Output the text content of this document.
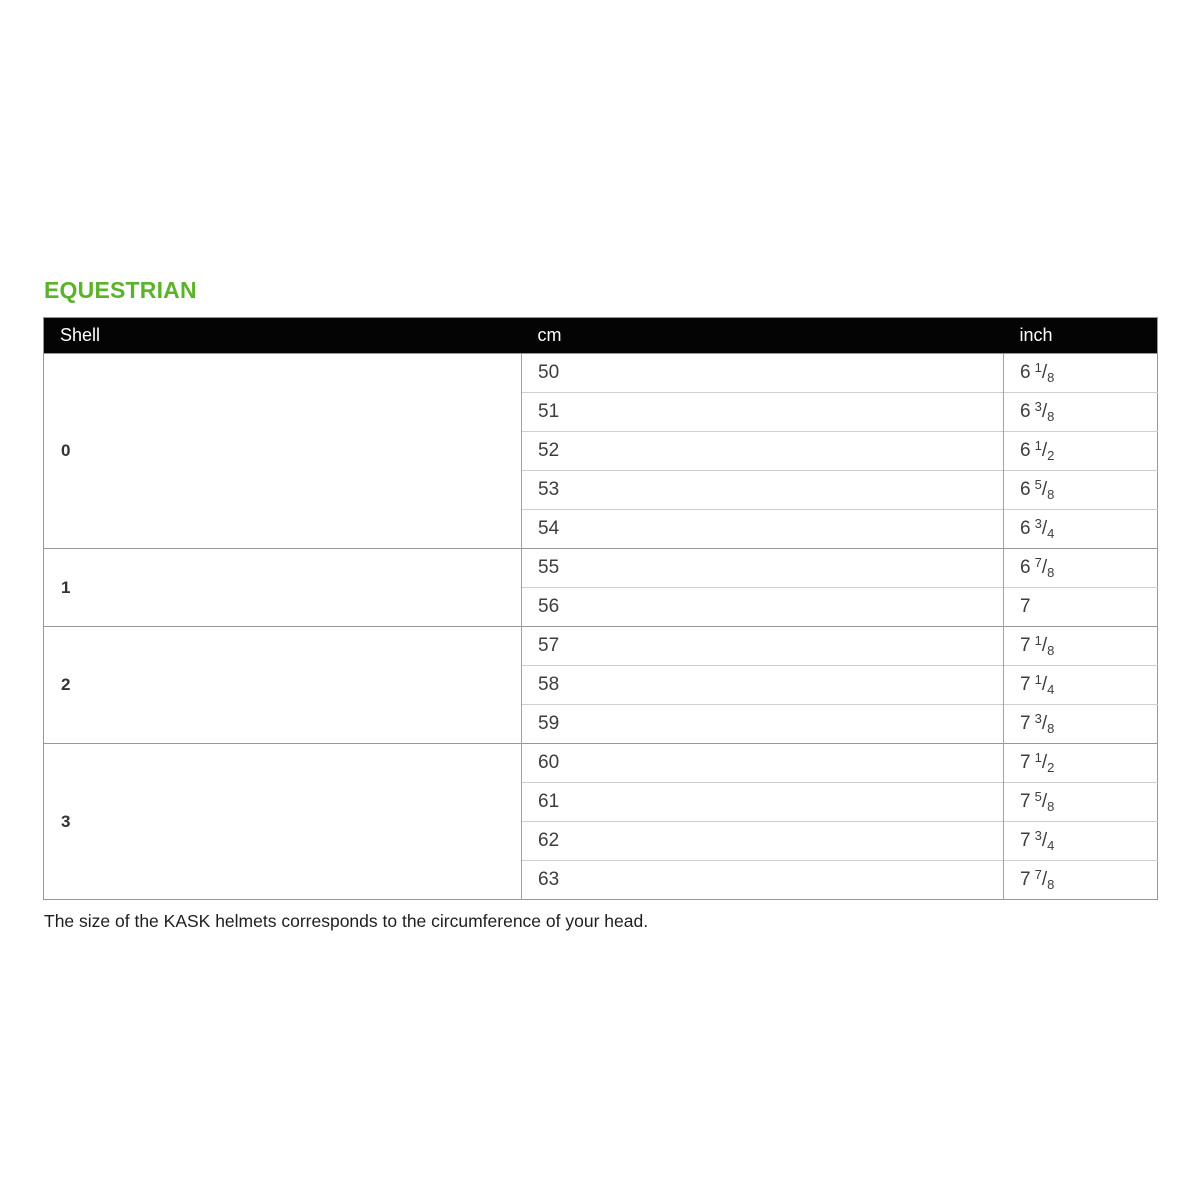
EQUESTRIAN
Shell	cm	inch
0	50	6 $^1/_8$
	51	6 $^3/_8$
	52	6 $^1/_2$
	53	6 $^5/_8$
	54	6 $^3/_4$
1	55	6 $^7/_8$
	56	7
2	57	7 $^1/_8$
	58	7 $^1/_4$
	59	7 $^3/_8$
3	60	7 $^1/_2$
	61	7 $^5/_8$
	62	7 $^3/_4$
	63	7 $^7/_8$

The size of the KASK helmets corresponds to the circumference of your head.
